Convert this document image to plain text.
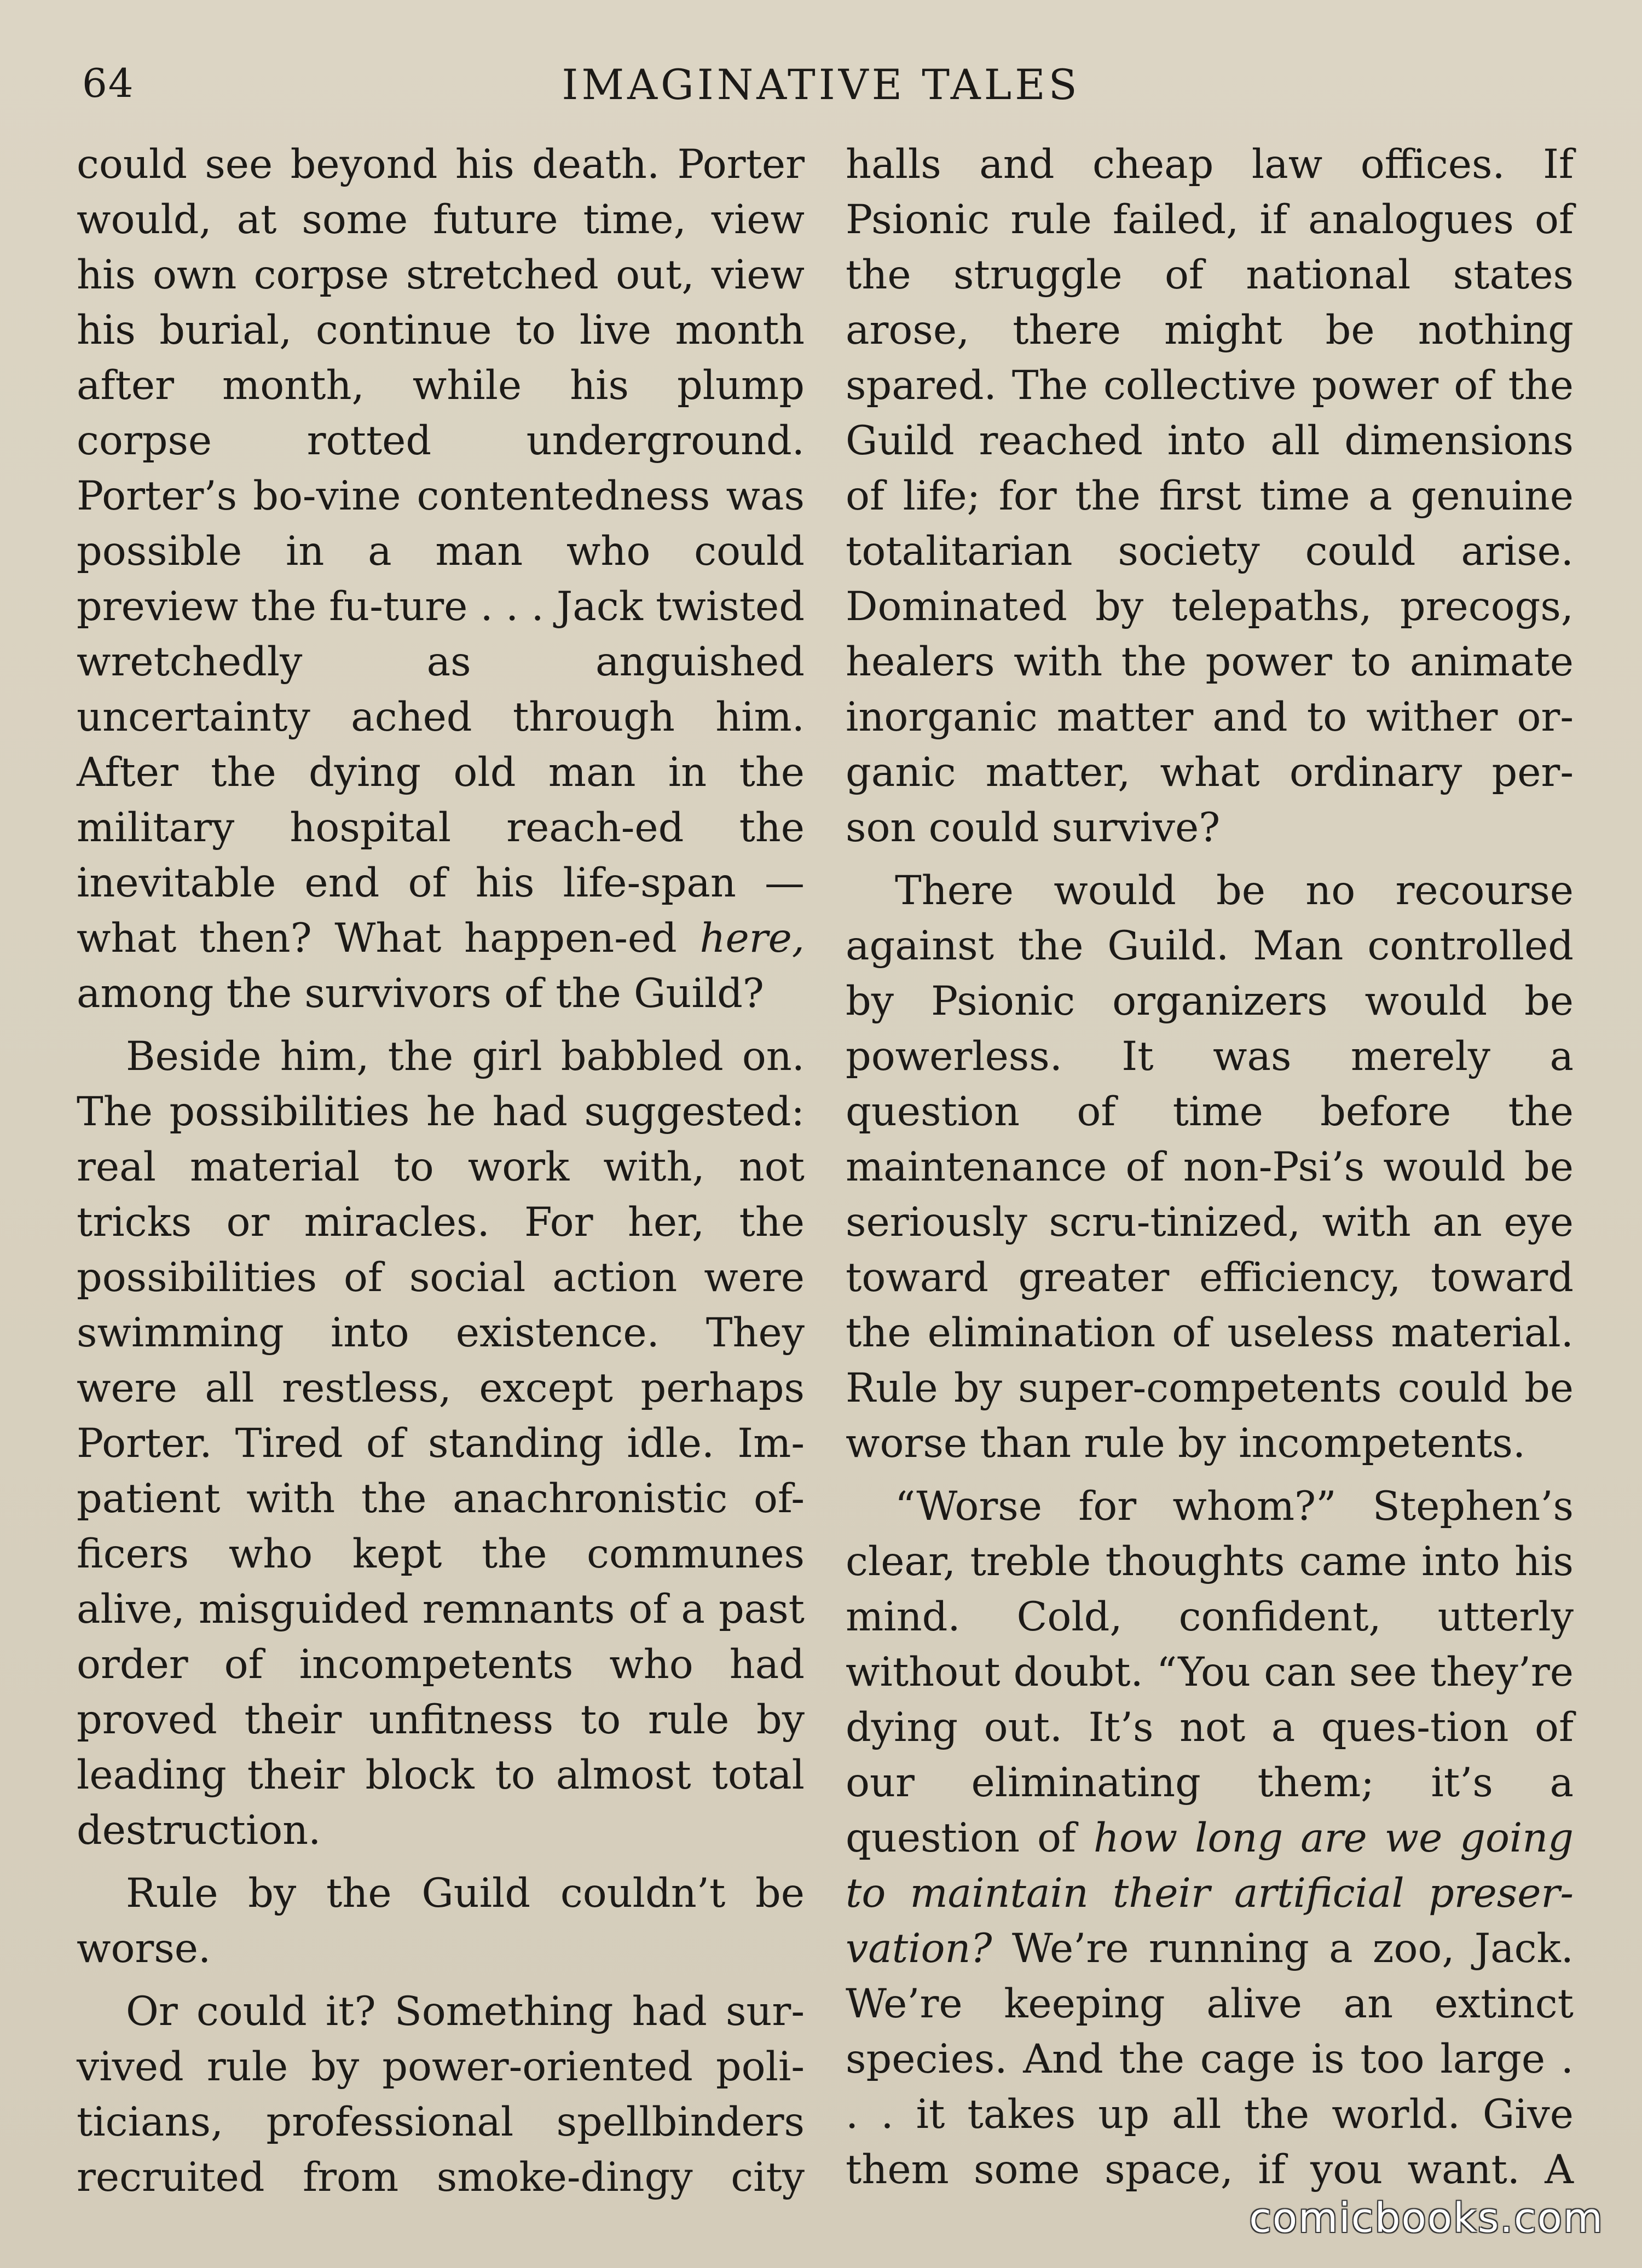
64	IMAGINATIVE TALES

could see beyond his death. Porter would, at some future time, view his own corpse stretched out, view his burial, continue to live month after month, while his plump corpse rotted underground. Porter’s bo-vine contentedness was possible in a man who could preview the fu-ture . . . Jack twisted wretchedly as anguished uncertainty ached through him. After the dying old man in the military hospital reach-ed the inevitable end of his life-span — what then? What happen-ed here, among the survivors of the Guild?

Beside him, the girl babbled on. The possibilities he had suggested: real material to work with, not tricks or miracles. For her, the possibilities of social action were swimming into existence. They were all restless, except perhaps Porter. Tired of standing idle. Im-patient with the anachronistic of-ficers who kept the communes alive, misguided remnants of a past order of incompetents who had proved their unfitness to rule by leading their block to almost total destruction.

Rule by the Guild couldn’t be worse.

Or could it? Something had sur-vived rule by power-oriented poli-ticians, professional spellbinders recruited from smoke-dingy city

halls and cheap law offices. If Psionic rule failed, if analogues of the struggle of national states arose, there might be nothing spared. The collective power of the Guild reached into all dimensions of life; for the first time a genuine totalitarian society could arise. Dominated by telepaths, precogs, healers with the power to animate inorganic matter and to wither or-ganic matter, what ordinary per-son could survive?

There would be no recourse against the Guild. Man controlled by Psionic organizers would be powerless. It was merely a question of time before the maintenance of non-Psi’s would be seriously scru-tinized, with an eye toward greater efficiency, toward the elimination of useless material. Rule by super-competents could be worse than rule by incompetents.

“Worse for whom?” Stephen’s clear, treble thoughts came into his mind. Cold, confident, utterly without doubt. “You can see they’re dying out. It’s not a ques-tion of our eliminating them; it’s a question of how long are we going to maintain their artificial preser-vation? We’re running a zoo, Jack. We’re keeping alive an extinct species. And the cage is too large . . . it takes up all the world. Give them some space, if you want. A

comicbooks.com
